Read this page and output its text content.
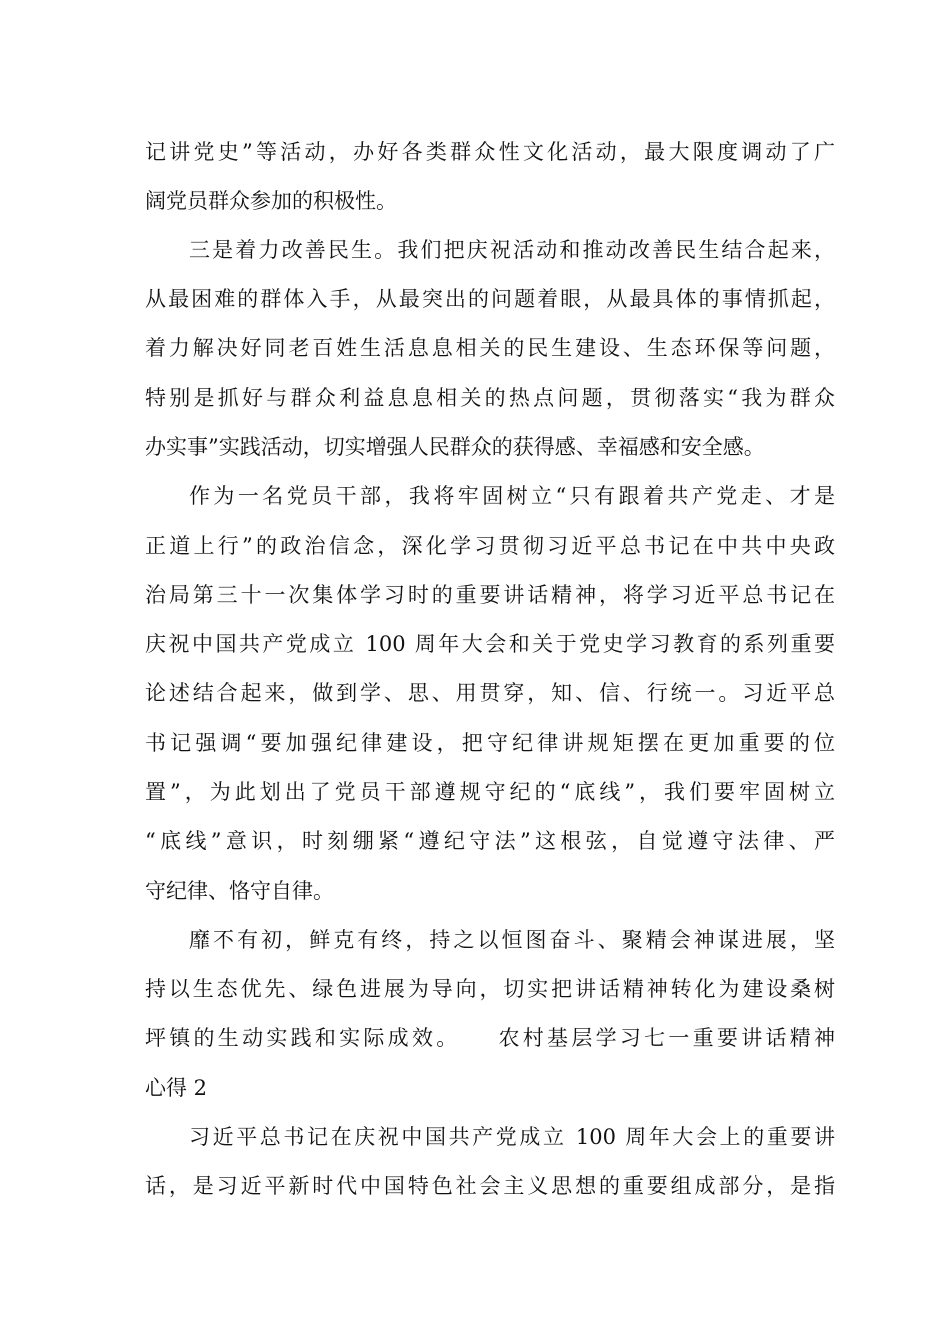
记讲党史”等活动，办好各类群众性文化活动，最大限度调动了广
阔党员群众参加的积极性。
三是着力改善民生。我们把庆祝活动和推动改善民生结合起来，
从最困难的群体入手，从最突出的问题着眼，从最具体的事情抓起，
着力解决好同老百姓生活息息相关的民生建设、生态环保等问题，
特别是抓好与群众利益息息相关的热点问题，贯彻落实“我为群众
办实事”实践活动，切实增强人民群众的获得感、幸福感和安全感。
作为一名党员干部，我将牢固树立“只有跟着共产党走、才是
正道上行”的政治信念，深化学习贯彻习近平总书记在中共中央政
治局第三十一次集体学习时的重要讲话精神，将学习近平总书记在
庆祝中国共产党成立 100 周年大会和关于党史学习教育的系列重要
论述结合起来，做到学、思、用贯穿，知、信、行统一。习近平总
书记强调“要加强纪律建设，把守纪律讲规矩摆在更加重要的位
置”，为此划出了党员干部遵规守纪的“底线”，我们要牢固树立
“底线”意识，时刻绷紧“遵纪守法”这根弦，自觉遵守法律、严
守纪律、恪守自律。
靡不有初，鲜克有终，持之以恒图奋斗、聚精会神谋进展，坚
持以生态优先、绿色进展为导向，切实把讲话精神转化为建设桑树
坪镇的生动实践和实际成效。　　农村基层学习七一重要讲话精神
心得 2
习近平总书记在庆祝中国共产党成立 100 周年大会上的重要讲
话，是习近平新时代中国特色社会主义思想的重要组成部分，是指
